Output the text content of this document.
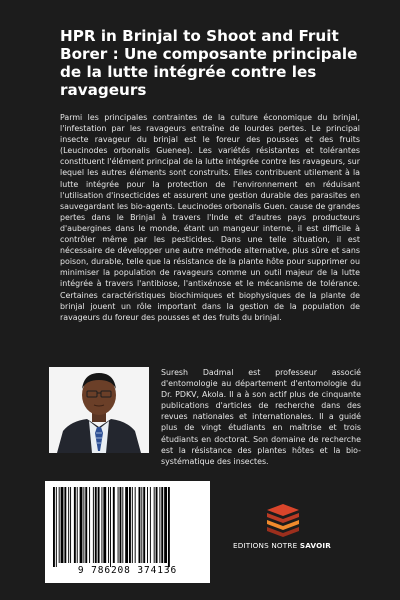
HPR in Brinjal to Shoot and Fruit Borer : Une composante principale de la lutte intégrée contre les ravageurs
Parmi les principales contraintes de la culture économique du brinjal, l'infestation par les ravageurs entraîne de lourdes pertes. Le principal insecte ravageur du brinjal est le foreur des pousses et des fruits (Leucinodes orbonalis Guenee). Les variétés résistantes et tolérantes constituent l'élément principal de la lutte intégrée contre les ravageurs, sur lequel les autres éléments sont construits. Elles contribuent utilement à la lutte intégrée pour la protection de l'environnement en réduisant l'utilisation d'insecticides et assurent une gestion durable des parasites en sauvegardant les bio-agents. Leucinodes orbonalis Guen. cause de grandes pertes dans le Brinjal à travers l'Inde et d'autres pays producteurs d'aubergines dans le monde, étant un mangeur interne, il est difficile à contrôler même par les pesticides. Dans une telle situation, il est nécessaire de développer une autre méthode alternative, plus sûre et sans poison, durable, telle que la résistance de la plante hôte pour supprimer ou minimiser la population de ravageurs comme un outil majeur de la lutte intégrée à travers l'antibiose, l'antixénose et le mécanisme de tolérance. Certaines caractéristiques biochimiques et biophysiques de la plante de brinjal jouent un rôle important dans la gestion de la population de ravageurs du foreur des pousses et des fruits du brinjal.
Suresh Dadmal est professeur associé d'entomologie au département d'entomologie du Dr. PDKV, Akola. Il a à son actif plus de cinquante publications d'articles de recherche dans des revues nationales et internationales. Il a guidé plus de vingt étudiants en maîtrise et trois étudiants en doctorat. Son domaine de recherche est la résistance des plantes hôtes et la bio-systématique des insectes.
9 786208 374136
EDITIONS NOTRE SAVOIR
